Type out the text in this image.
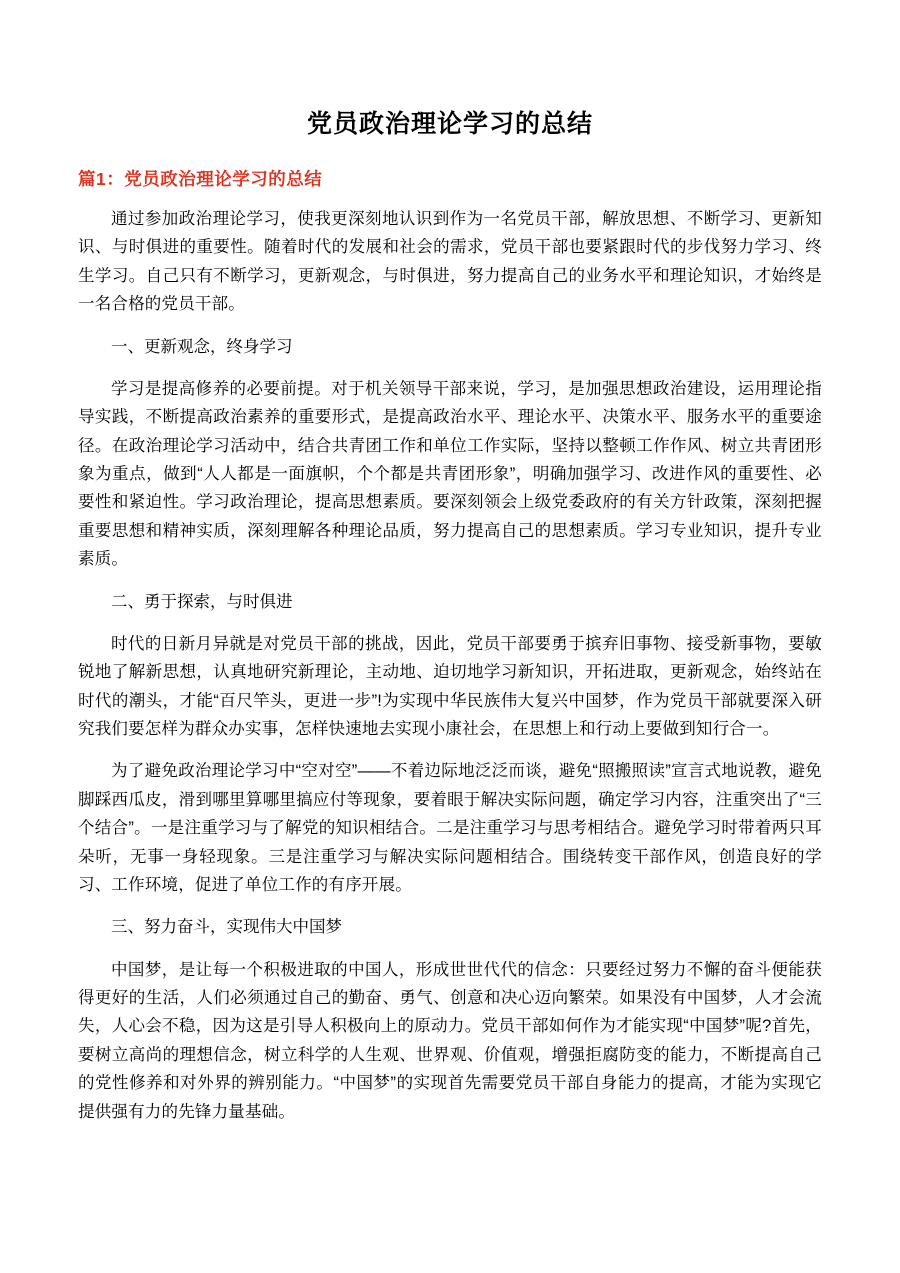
党员政治理论学习的总结
篇1：党员政治理论学习的总结

通过参加政治理论学习，使我更深刻地认识到作为一名党员干部，解放思想、不断学习、更新知识、与时俱进的重要性。随着时代的发展和社会的需求，党员干部也要紧跟时代的步伐努力学习、终生学习。自己只有不断学习，更新观念，与时俱进，努力提高自己的业务水平和理论知识，才始终是一名合格的党员干部。

一、更新观念，终身学习

学习是提高修养的必要前提。对于机关领导干部来说，学习，是加强思想政治建设，运用理论指导实践，不断提高政治素养的重要形式，是提高政治水平、理论水平、决策水平、服务水平的重要途径。在政治理论学习活动中，结合共青团工作和单位工作实际，坚持以整顿工作作风、树立共青团形象为重点，做到“人人都是一面旗帜，个个都是共青团形象”，明确加强学习、改进作风的重要性、必要性和紧迫性。学习政治理论，提高思想素质。要深刻领会上级党委政府的有关方针政策，深刻把握重要思想和精神实质，深刻理解各种理论品质，努力提高自己的思想素质。学习专业知识，提升专业素质。

二、勇于探索，与时俱进

时代的日新月异就是对党员干部的挑战，因此，党员干部要勇于摈弃旧事物、接受新事物，要敏锐地了解新思想，认真地研究新理论，主动地、迫切地学习新知识，开拓进取，更新观念，始终站在时代的潮头，才能“百尺竿头，更进一步”!为实现中华民族伟大复兴中国梦，作为党员干部就要深入研究我们要怎样为群众办实事，怎样快速地去实现小康社会，在思想上和行动上要做到知行合一。

为了避免政治理论学习中“空对空”——不着边际地泛泛而谈，避免“照搬照读”宣言式地说教，避免脚踩西瓜皮，滑到哪里算哪里搞应付等现象，要着眼于解决实际问题，确定学习内容，注重突出了“三个结合”。一是注重学习与了解党的知识相结合。二是注重学习与思考相结合。避免学习时带着两只耳朵听，无事一身轻现象。三是注重学习与解决实际问题相结合。围绕转变干部作风，创造良好的学习、工作环境，促进了单位工作的有序开展。

三、努力奋斗，实现伟大中国梦

中国梦，是让每一个积极进取的中国人，形成世世代代的信念：只要经过努力不懈的奋斗便能获得更好的生活，人们必须通过自己的勤奋、勇气、创意和决心迈向繁荣。如果没有中国梦，人才会流失，人心会不稳，因为这是引导人积极向上的原动力。党员干部如何作为才能实现“中国梦”呢?首先，要树立高尚的理想信念，树立科学的人生观、世界观、价值观，增强拒腐防变的能力，不断提高自己的党性修养和对外界的辨别能力。“中国梦”的实现首先需要党员干部自身能力的提高，才能为实现它提供强有力的先锋力量基础。
